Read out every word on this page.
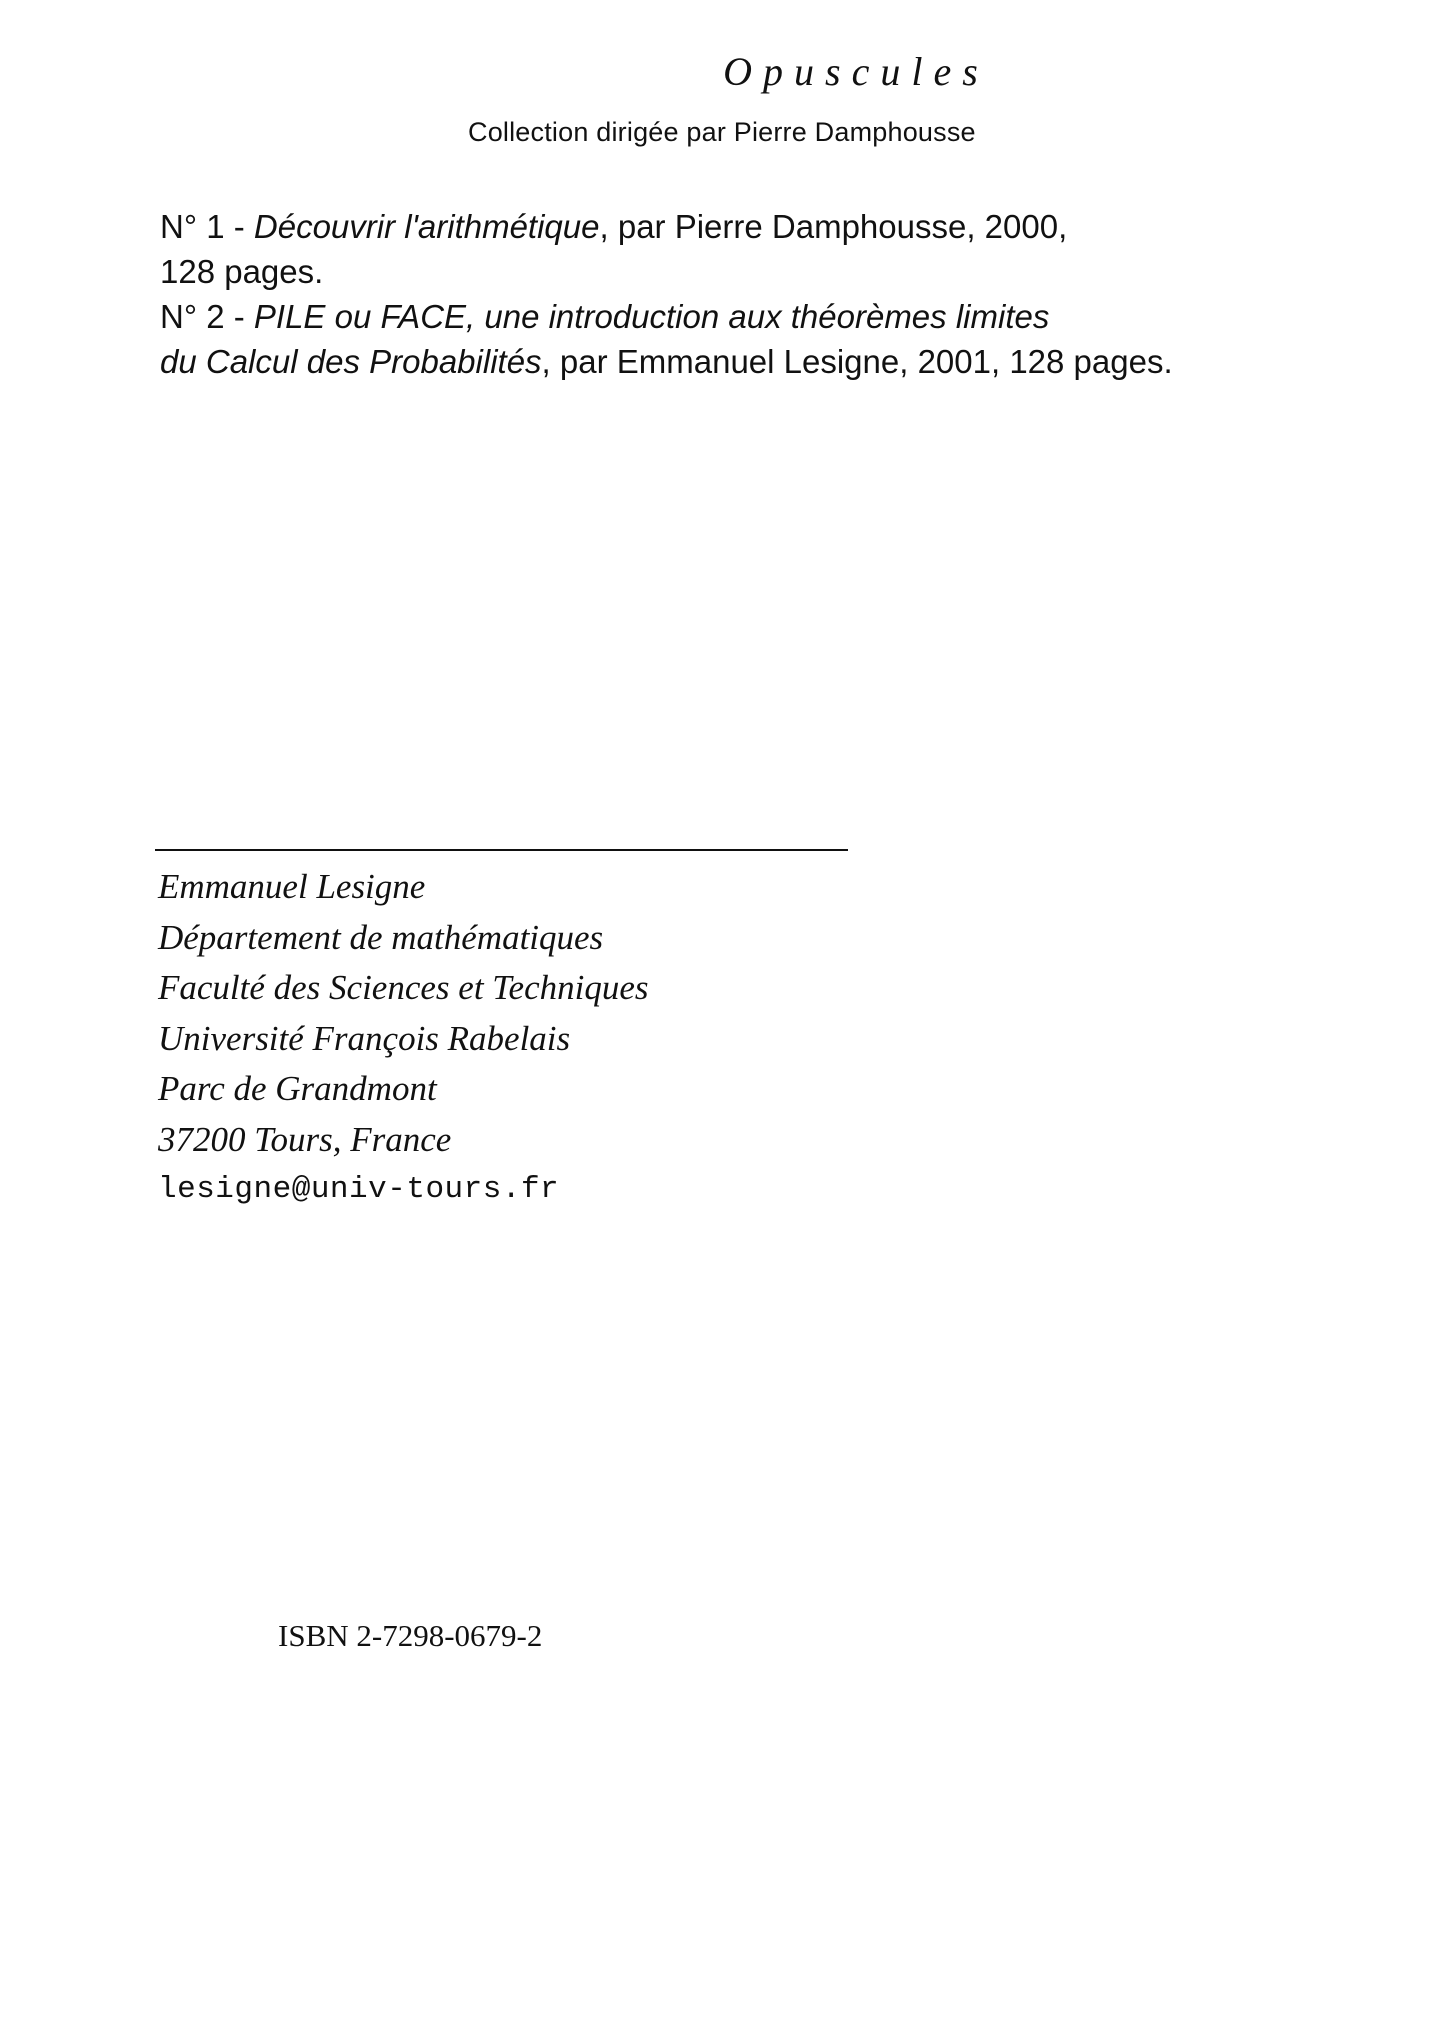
Opuscules
Collection dirigée par Pierre Damphousse
N° 1 - Découvrir l'arithmétique, par Pierre Damphousse, 2000,
128 pages.
N° 2 - PILE ou FACE, une introduction aux théorèmes limites
du Calcul des Probabilités, par Emmanuel Lesigne, 2001, 128 pages.
Emmanuel Lesigne
Département de mathématiques
Faculté des Sciences et Techniques
Université François Rabelais
Parc de Grandmont
37200 Tours, France
lesigne@univ-tours.fr
ISBN 2-7298-0679-2
